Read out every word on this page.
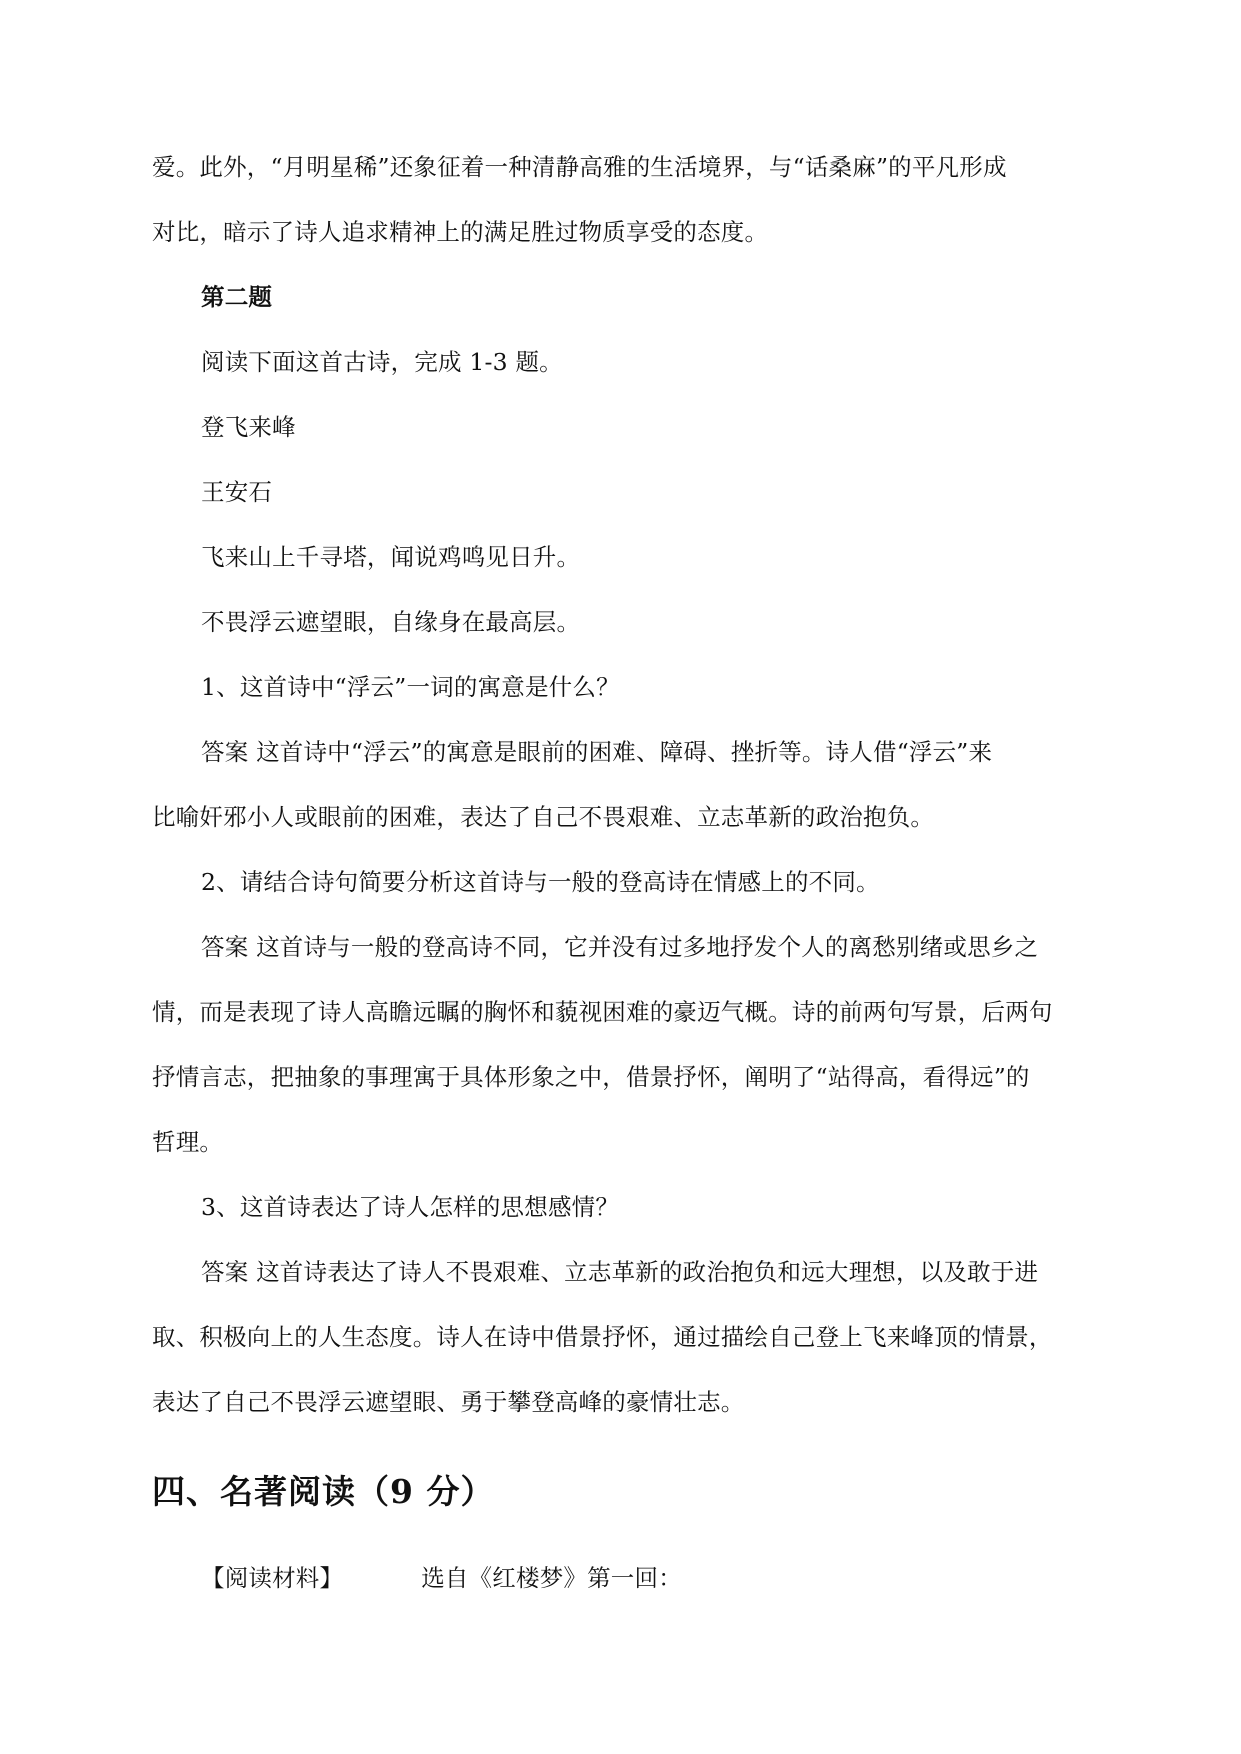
爱。此外，“月明星稀”还象征着一种清静高雅的生活境界，与“话桑麻”的平凡形成
对比，暗示了诗人追求精神上的满足胜过物质享受的态度。
第二题
阅读下面这首古诗，完成 1-3 题。
登飞来峰
王安石
飞来山上千寻塔，闻说鸡鸣见日升。
不畏浮云遮望眼，自缘身在最高层。
1、这首诗中“浮云”一词的寓意是什么？
答案 这首诗中“浮云”的寓意是眼前的困难、障碍、挫折等。诗人借“浮云”来
比喻奸邪小人或眼前的困难，表达了自己不畏艰难、立志革新的政治抱负。
2、请结合诗句简要分析这首诗与一般的登高诗在情感上的不同。
答案 这首诗与一般的登高诗不同，它并没有过多地抒发个人的离愁别绪或思乡之
情，而是表现了诗人高瞻远瞩的胸怀和藐视困难的豪迈气概。诗的前两句写景，后两句
抒情言志，把抽象的事理寓于具体形象之中，借景抒怀，阐明了“站得高，看得远”的
哲理。
3、这首诗表达了诗人怎样的思想感情？
答案 这首诗表达了诗人不畏艰难、立志革新的政治抱负和远大理想，以及敢于进
取、积极向上的人生态度。诗人在诗中借景抒怀，通过描绘自己登上飞来峰顶的情景，
表达了自己不畏浮云遮望眼、勇于攀登高峰的豪情壮志。
四、名著阅读（9 分）
【阅读材料】	选自《红楼梦》第一回：
